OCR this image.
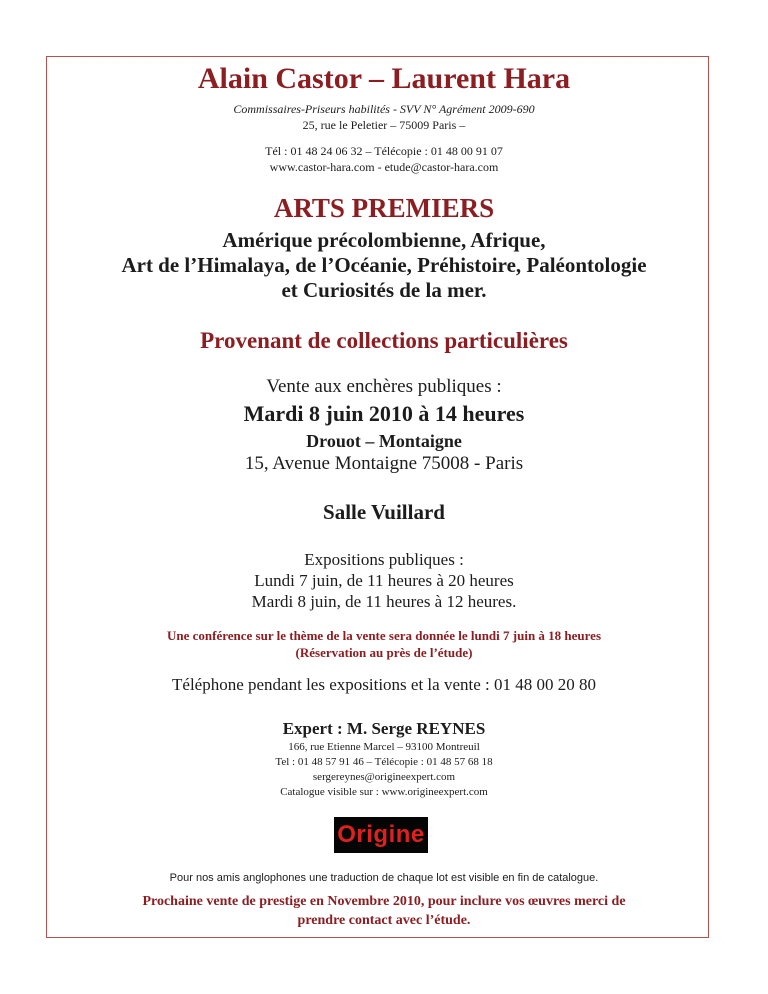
Alain Castor – Laurent Hara
Commissaires-Priseurs habilités - SVV N° Agrément 2009-690
25, rue le Peletier – 75009 Paris –
Tél : 01 48 24 06 32 – Télécopie : 01 48 00 91 07
www.castor-hara.com - etude@castor-hara.com
ARTS PREMIERS
Amérique précolombienne, Afrique,
Art de l’Himalaya, de l’Océanie, Préhistoire, Paléontologie
et Curiosités de la mer.
Provenant de collections particulières
Vente aux enchères publiques :
Mardi 8 juin 2010 à 14 heures
Drouot – Montaigne
15, Avenue Montaigne 75008 - Paris
Salle Vuillard
Expositions publiques :
Lundi 7 juin, de 11 heures à 20 heures
Mardi 8 juin, de 11 heures à 12 heures.
Une conférence sur le thème de la vente sera donnée le lundi 7 juin à 18 heures
(Réservation au près de l’étude)
Téléphone pendant les expositions et la vente : 01 48 00 20 80
Expert : M. Serge REYNES
166, rue Etienne Marcel – 93100 Montreuil
Tel : 01 48 57 91 46 – Télécopie : 01 48 57 68 18
sergereynes@origineexpert.com
Catalogue visible sur : www.origineexpert.com
Origine
Pour nos amis anglophones une traduction de chaque lot est visible en fin de catalogue.
Prochaine vente de prestige en Novembre 2010, pour inclure vos œuvres merci de
prendre contact avec l’étude.
